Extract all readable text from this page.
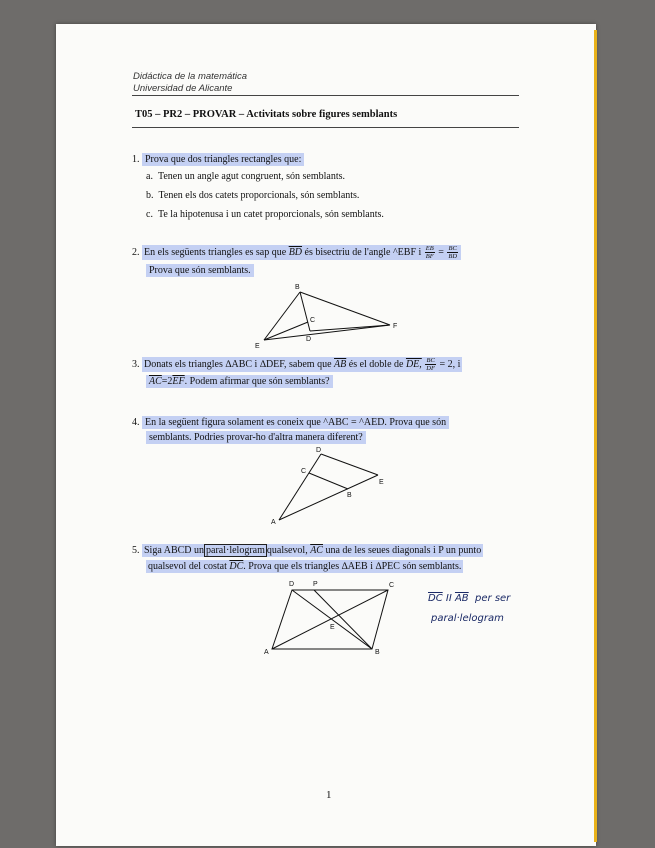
Didáctica de la matemática
Universidad de Alicante
T05 – PR2 – PROVAR – Activitats sobre figures semblants
1. Prova que dos triangles rectangles que:
a. Tenen un angle agut congruent, són semblants.
b. Tenen els dos catets proporcionals, són semblants.
c. Te la hipotenusa i un catet proporcionals, són semblants.
2. En els següents triangles es sap que $\overline{BD}$ és bisectriu de l'angle ^EBF i $\frac{EB}{BF} = \frac{BC}{BD}$
Prova que són semblants.
B
C
D
E
F
3. Donats els triangles ∆ABC i ∆DEF, sabem que $\overline{AB}$ és el doble de DE, $\frac{BC}{DF} = 2$, i
$\overline{AC}=2\overline{EF}$. Podem afirmar que són semblants?
4. En la següent figura solament es coneix que ^ABC = ^AED. Prova que són
semblants. Podries provar-ho d'altra manera diferent?
D
C
E
B
A
5. Siga ABCD un paral·lelogram qualsevol, $\overline{AC}$ una de les seues diagonals i P un punto
qualsevol del costat $\overline{DC}$. Prova que els triangles ∆AEB i ∆PEC són semblants.
D	P	C
E
A	B
$\overline{DC}$ II $\overline{AB}$ per ser
paral·lelogram
1
